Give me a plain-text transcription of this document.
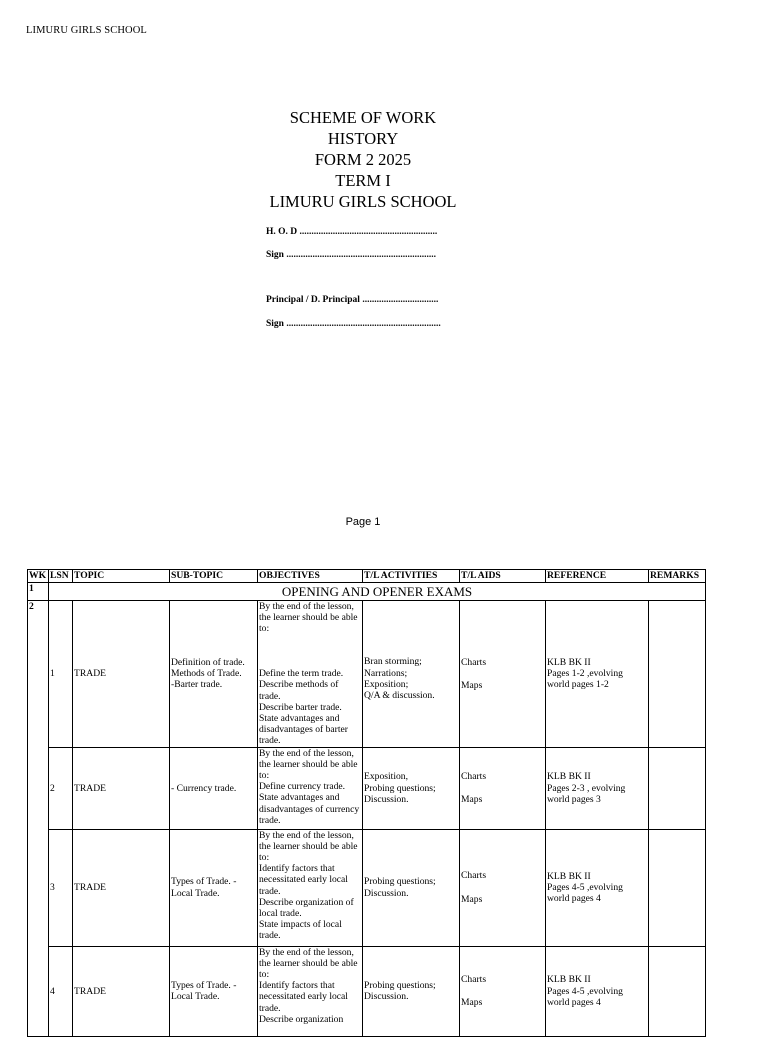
LIMURU GIRLS SCHOOL
SCHEME OF WORK
HISTORY
FORM 2 2025
TERM I
LIMURU GIRLS SCHOOL
H. O. D ..........................................................
Sign ...............................................................
Principal / D. Principal ................................
Sign .................................................................
Page 1
WK	LSN	TOPIC	SUB-TOPIC	OBJECTIVES	T/L ACTIVITIES	T/L AIDS	REFERENCE	REMARKS
1	OPENING AND OPENER EXAMS							
2	1	TRADE	Definition of trade.
Methods of Trade.
-Barter trade.	By the end of the lesson, the learner should be able to:

Define the term trade.
Describe methods of trade.
Describe barter trade.
State advantages and disadvantages of barter trade.	Bran storming;
Narrations;
Exposition;
Q/A & discussion.	Charts
Maps	KLB BK II
Pages 1-2 ,evolving world pages 1-2	
	2	TRADE	- Currency trade.	By the end of the lesson, the learner should be able to:
Define currency trade.
State advantages and disadvantages of currency trade.	Exposition,
Probing questions;
Discussion.	Charts
Maps	KLB BK II
Pages 2-3 , evolving world pages 3	
	3	TRADE	Types of Trade. -Local Trade.	By the end of the lesson, the learner should be able to:
Identify factors that necessitated early local trade.
Describe organization of local trade.
State impacts of local trade.	Probing questions;
Discussion.	Charts
Maps	KLB BK II
Pages 4-5 ,evolving world pages 4	
	4	TRADE	Types of Trade. -Local Trade.	By the end of the lesson, the learner should be able to:
Identify factors that necessitated early local trade.
Describe organization	Probing questions;
Discussion.	Charts
Maps	KLB BK II
Pages 4-5 ,evolving world pages 4	
